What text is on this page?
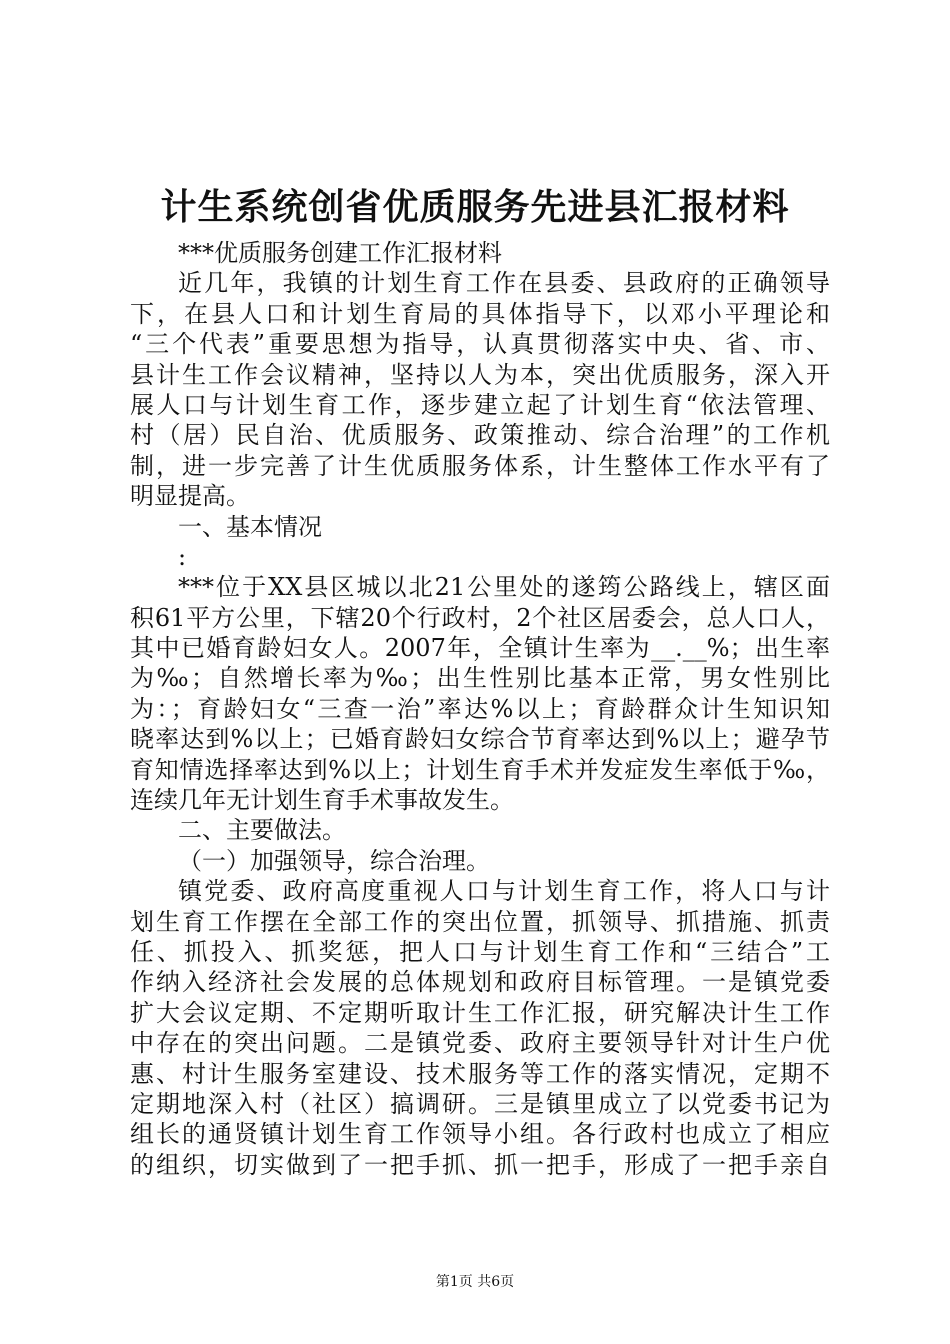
计生系统创省优质服务先进县汇报材料
***优质服务创建工作汇报材料
近几年，我镇的计划生育工作在县委、县政府的正确领导
下，在县人口和计划生育局的具体指导下，以邓小平理论和
“三个代表”重要思想为指导，认真贯彻落实中央、省、市、
县计生工作会议精神，坚持以人为本，突出优质服务，深入开
展人口与计划生育工作，逐步建立起了计划生育“依法管理、
村（居）民自治、优质服务、政策推动、综合治理”的工作机
制，进一步完善了计生优质服务体系，计生整体工作水平有了
明显提高。
一、基本情况
:
***位于XX县区城以北21公里处的遂筠公路线上，辖区面
积61平方公里，下辖20个行政村，2个社区居委会，总人口人，
其中已婚育龄妇女人。2007年，全镇计生率为__.__%；出生率
为‰；自然增长率为‰；出生性别比基本正常，男女性别比
为：；育龄妇女“三查一治”率达%以上；育龄群众计生知识知
晓率达到%以上；已婚育龄妇女综合节育率达到%以上；避孕节
育知情选择率达到%以上；计划生育手术并发症发生率低于‰，
连续几年无计划生育手术事故发生。
二、主要做法。
（一）加强领导，综合治理。
镇党委、政府高度重视人口与计划生育工作，将人口与计
划生育工作摆在全部工作的突出位置，抓领导、抓措施、抓责
任、抓投入、抓奖惩，把人口与计划生育工作和“三结合”工
作纳入经济社会发展的总体规划和政府目标管理。一是镇党委
扩大会议定期、不定期听取计生工作汇报，研究解决计生工作
中存在的突出问题。二是镇党委、政府主要领导针对计生户优
惠、村计生服务室建设、技术服务等工作的落实情况，定期不
定期地深入村（社区）搞调研。三是镇里成立了以党委书记为
组长的通贤镇计划生育工作领导小组。各行政村也成立了相应
的组织，切实做到了一把手抓、抓一把手，形成了一把手亲自
第1页 共6页
